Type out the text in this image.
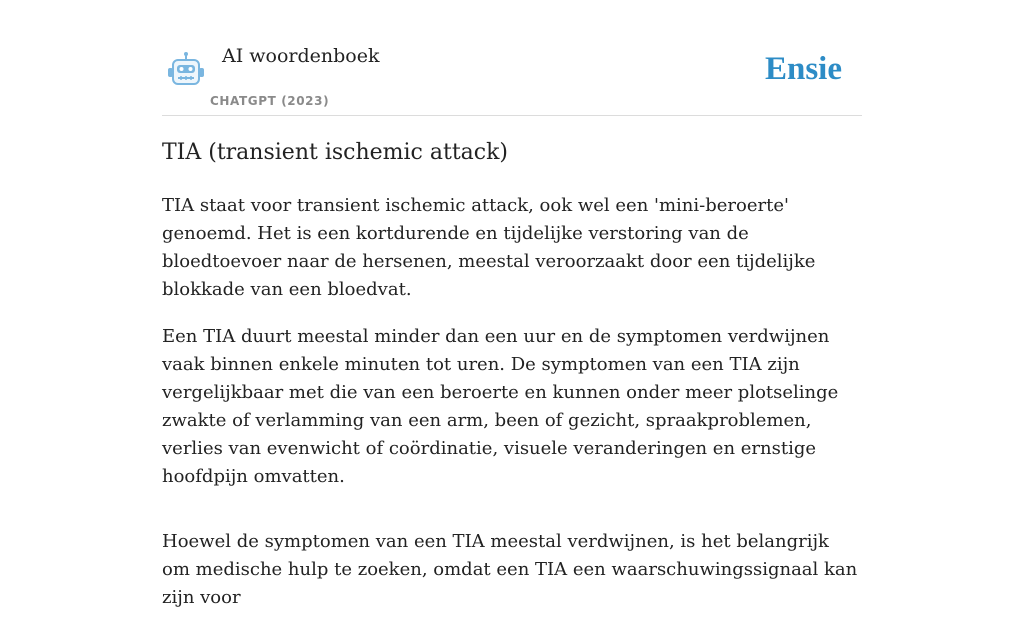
AI woordenboek
CHATGPT (2023)
Ensie
TIA (transient ischemic attack)

TIA staat voor transient ischemic attack, ook wel een 'mini-beroerte' genoemd. Het is een kortdurende en tijdelijke verstoring van de bloedtoevoer naar de hersenen, meestal veroorzaakt door een tijdelijke blokkade van een bloedvat.

Een TIA duurt meestal minder dan een uur en de symptomen verdwijnen vaak binnen enkele minuten tot uren. De symptomen van een TIA zijn vergelijkbaar met die van een beroerte en kunnen onder meer plotselinge zwakte of verlamming van een arm, been of gezicht, spraakproblemen, verlies van evenwicht of coördinatie, visuele veranderingen en ernstige hoofdpijn omvatten.

Hoewel de symptomen van een TIA meestal verdwijnen, is het belangrijk om medische hulp te zoeken, omdat een TIA een waarschuwingssignaal kan zijn voor
